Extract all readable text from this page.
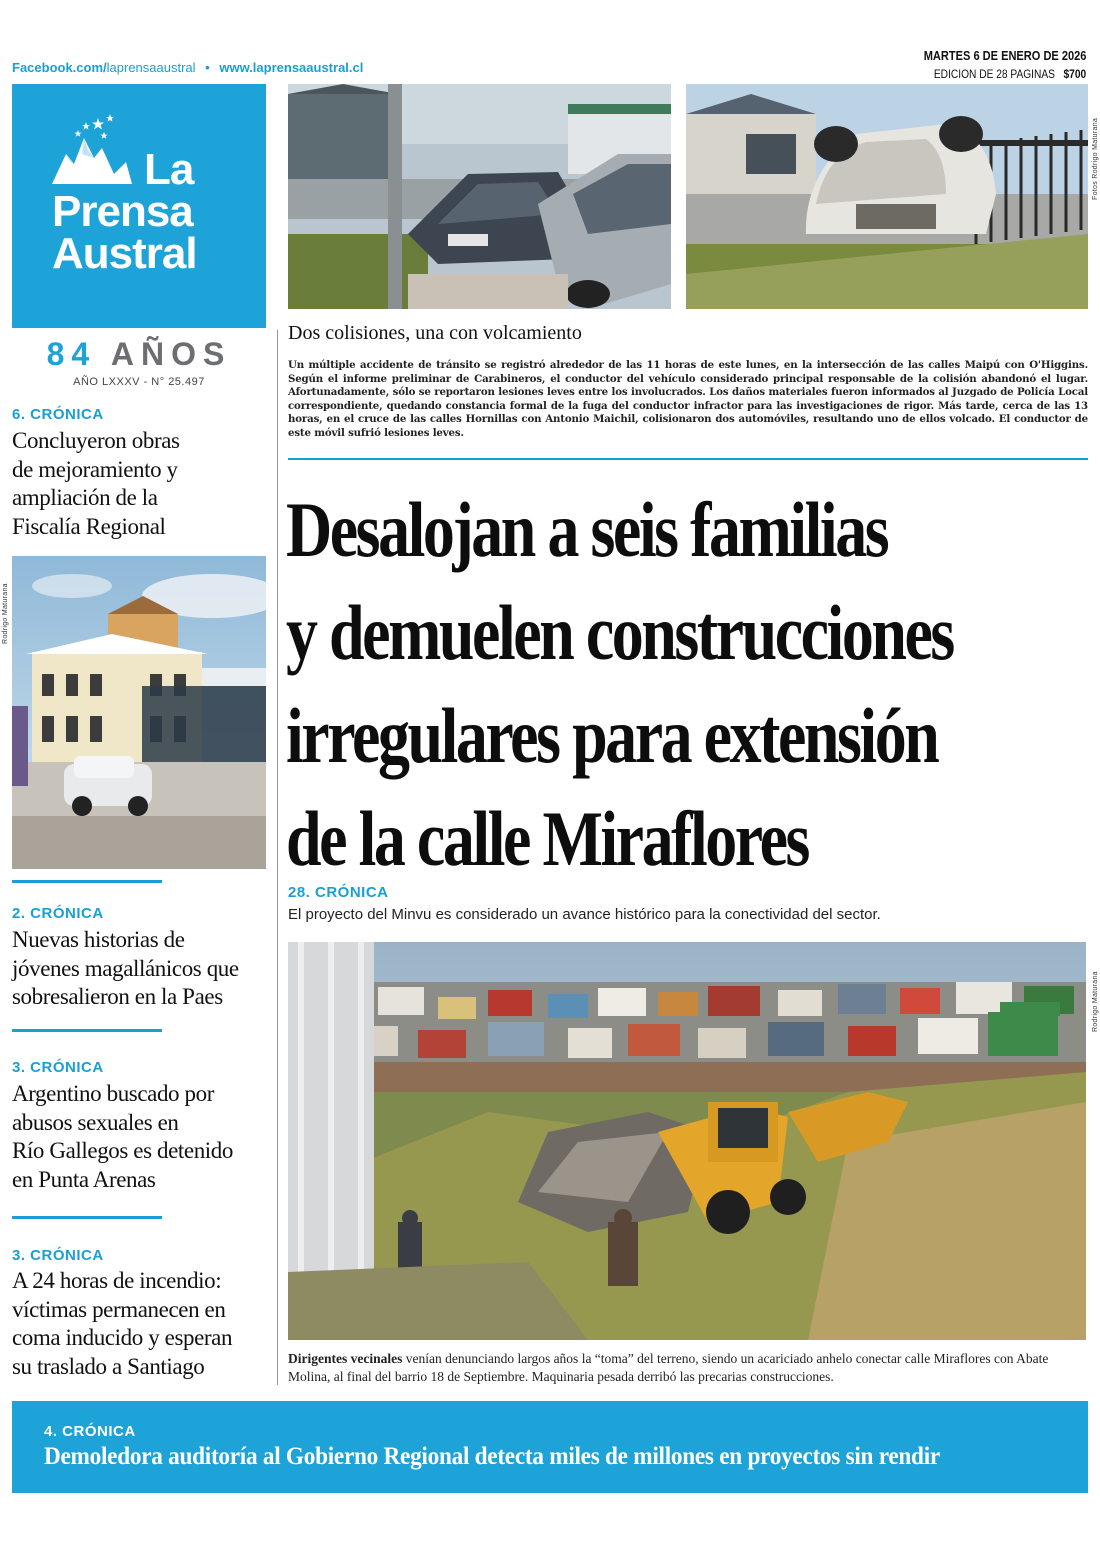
Facebook.com/laprensaaustral • www.laprensaaustral.cl
MARTES 6 DE ENERO DE 2026
EDICION DE 28 PAGINAS $700
La
Prensa
Austral
84 AÑOS
AÑO LXXXV - N° 25.497
6. CRÓNICA
Concluyeron obras
de mejoramiento y
ampliación de la
Fiscalía Regional
Rodrigo Maturana
2. CRÓNICA
Nuevas historias de
jóvenes magallánicos que
sobresalieron en la Paes
3. CRÓNICA
Argentino buscado por
abusos sexuales en
Río Gallegos es detenido
en Punta Arenas
3. CRÓNICA
A 24 horas de incendio:
víctimas permanecen en
coma inducido y esperan
su traslado a Santiago
Fotos Rodrigo Maturana
Dos colisiones, una con volcamiento
Un múltiple accidente de tránsito se registró alrededor de las 11 horas de este lunes, en la intersección de las calles Maipú con O'Higgins. Según el informe preliminar de Carabineros, el conductor del vehículo considerado principal responsable de la colisión abandonó el lugar. Afortunadamente, sólo se reportaron lesiones leves entre los involucrados. Los daños materiales fueron informados al Juzgado de Policía Local correspondiente, quedando constancia formal de la fuga del conductor infractor para las investigaciones de rigor. Más tarde, cerca de las 13 horas, en el cruce de las calles Hornillas con Antonio Maichil, colisionaron dos automóviles, resultando uno de ellos volcado. El conductor de este móvil sufrió lesiones leves.
Desalojan a seis familias
y demuelen construcciones
irregulares para extensión
de la calle Miraflores
28. CRÓNICA
El proyecto del Minvu es considerado un avance histórico para la conectividad del sector.
Rodrigo Maturana
Dirigentes vecinales venían denunciando largos años la “toma” del terreno, siendo un acariciado anhelo conectar calle Miraflores con Abate Molina, al final del barrio 18 de Septiembre. Maquinaria pesada derribó las precarias construcciones.
4. CRÓNICA
Demoledora auditoría al Gobierno Regional detecta miles de millones en proyectos sin rendir
